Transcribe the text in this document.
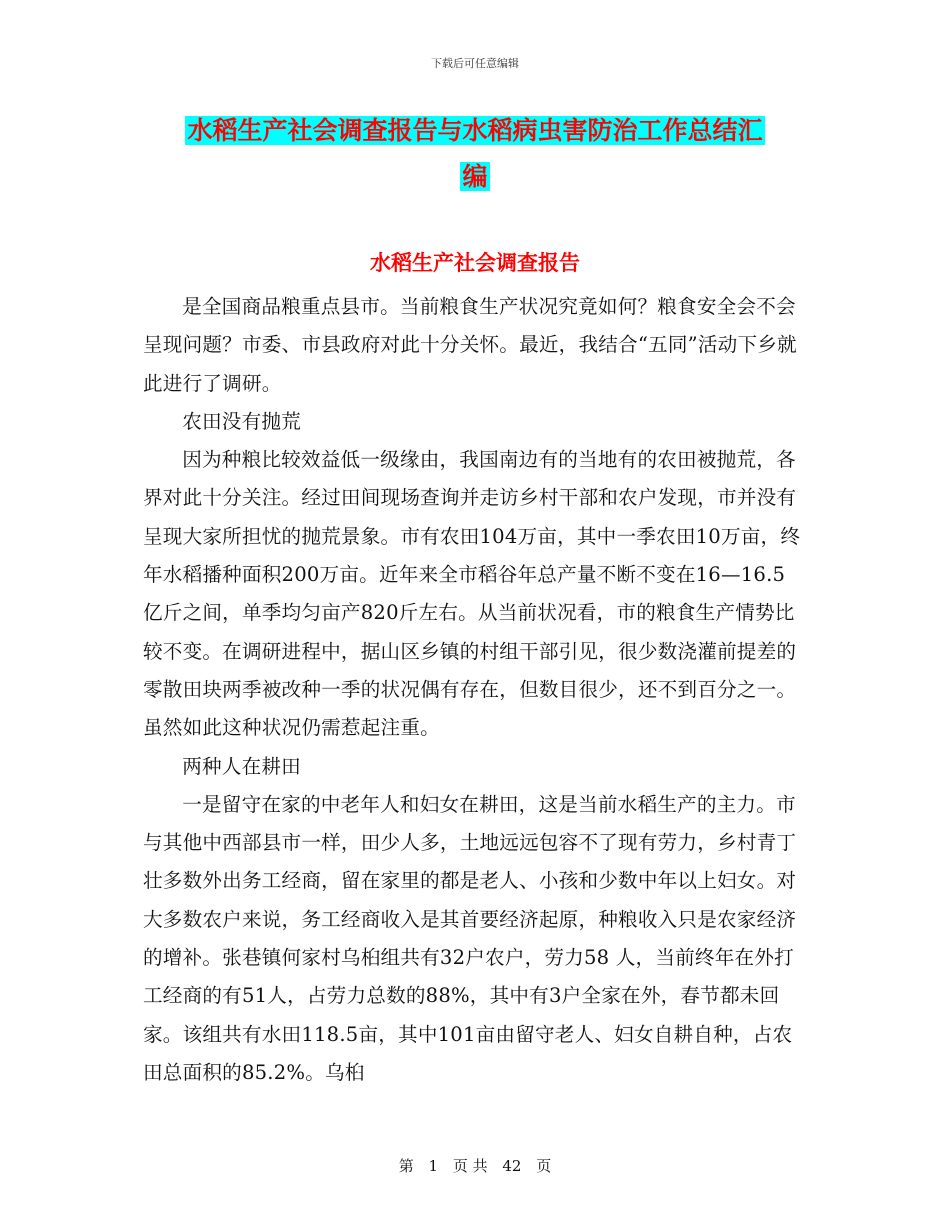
下载后可任意编辑
水稻生产社会调查报告与水稻病虫害防治工作总结汇
编
水稻生产社会调查报告

是全国商品粮重点县市。当前粮食生产状况究竟如何？粮食安全会不会呈现问题？市委、市县政府对此十分关怀。最近，我结合“五同”活动下乡就此进行了调研。

农田没有抛荒

因为种粮比较效益低一级缘由，我国南边有的当地有的农田被抛荒，各界对此十分关注。经过田间现场查询并走访乡村干部和农户发现，市并没有呈现大家所担忧的抛荒景象。市有农田104万亩，其中一季农田10万亩，终年水稻播种面积200万亩。近年来全市稻谷年总产量不断不变在16—16.5亿斤之间，单季均匀亩产820斤左右。从当前状况看，市的粮食生产情势比较不变。在调研进程中，据山区乡镇的村组干部引见，很少数浇灌前提差的零散田块两季被改种一季的状况偶有存在，但数目很少，还不到百分之一。虽然如此这种状况仍需惹起注重。

两种人在耕田

一是留守在家的中老年人和妇女在耕田，这是当前水稻生产的主力。市与其他中西部县市一样，田少人多，土地远远包容不了现有劳力，乡村青丁壮多数外出务工经商，留在家里的都是老人、小孩和少数中年以上妇女。对大多数农户来说，务工经商收入是其首要经济起原，种粮收入只是农家经济的增补。张巷镇何家村乌桕组共有32户农户，劳力58 人，当前终年在外打工经商的有51人，占劳力总数的88%，其中有3户全家在外，春节都未回家。该组共有水田118.5亩，其中101亩由留守老人、妇女自耕自种，占农田总面积的85.2%。乌桕

第 1 页 共 42 页
